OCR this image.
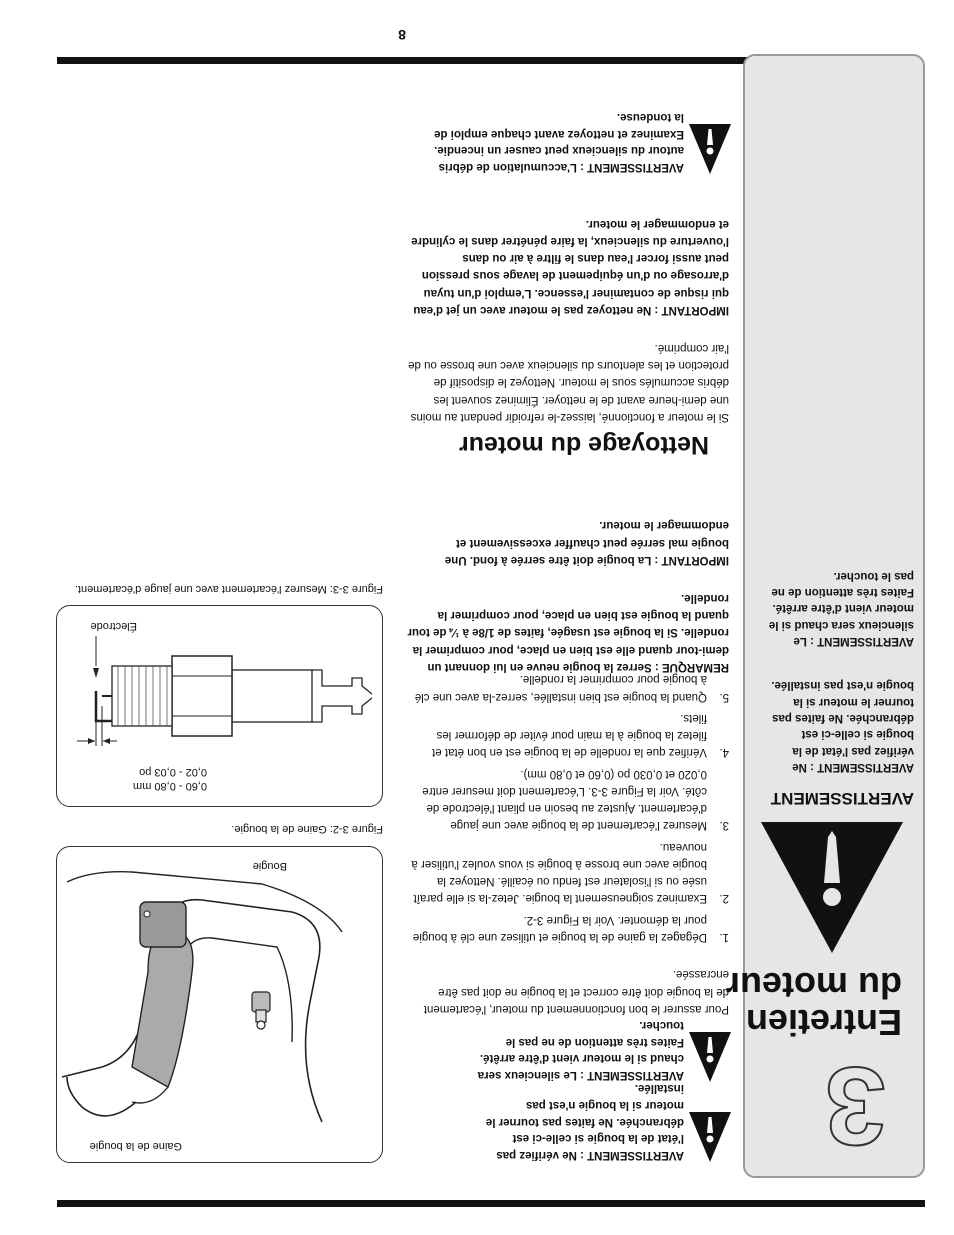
3
Entretien
du moteur
AVERTISSEMENT
AVERTISSEMENT : Ne vérifiez pas l'état de la bougie si celle-ci est débranchée. Ne faites pas tourner le moteur si la bougie n'est pas installée.
AVERTISSEMENT : Le silencieux sera chaud si le moteur vient d'être arrêté. Faites très attention de ne pas le toucher.
AVERTISSEMENT : Ne vérifiez pas l'état de la bougie si celle-ci est débranchée. Ne faites pas tourner le moteur si la bougie n'est pas installée.
AVERTISSEMENT : Le silencieux sera chaud si le moteur vient d'être arrêté. Faites très attention de ne pas le toucher.
Pour assurer le bon fonctionnement du moteur, l'écartement de la bougie doit être correct et la bougie ne doit pas être encrassée.
1.
Dégagez la gaine de la bougie et utilisez une clé à bougie pour la démonter. Voir la Figure 3-2.
2.
Examinez soigneusement la bougie. Jetez-la si elle paraît usée ou si l'isolateur est fendu ou écaillé. Nettoyez la bougie avec une brosse à bougie si vous voulez l'utiliser à nouveau.
3.
Mesurez l'écartement de la bougie avec une jauge d'écartement. Ajustez au besoin en pliant l'électrode de côté. Voir la Figure 3-3. L'écartement doit mesurer entre 0,020 et 0,030 po (0,60 et 0,80 mm).
4.
Vérifiez que la rondelle de la bougie est en bon état et filetez la bougie à la main pour éviter de déformer les filets.
5.
Quand la bougie est bien installée, serrez-la avec une clé à bougie pour comprimer la rondelle.
REMARQUE : Serrez la bougie neuve en lui donnant un demi-tour quand elle est bien en place, pour comprimer la rondelle. Si la bougie est usagée, faites de 1/8e à ¼ de tour quand la bougie est bien en place, pour comprimer la rondelle.
IMPORTANT : La bougie doit être serrée à fond. Une bougie mal serrée peut chauffer excessivement et endommager le moteur.
Nettoyage du moteur
Si le moteur a fonctionné, laissez-le refroidir pendant au moins une demi-heure avant de le nettoyer. Éliminez souvent les débris accumulés sous le moteur. Nettoyez le dispositif de protection et les alentours du silencieux avec une brosse ou de l'air comprimé.
IMPORTANT : Ne nettoyez pas le moteur avec un jet d'eau qui risque de contaminer l'essence. L'emploi d'un tuyau d'arrosage ou d'un équipement de lavage sous pression peut aussi forcer l'eau dans le filtre à air ou dans l'ouverture du silencieux, la faire pénétrer dans le cylindre et endommager le moteur.
AVERTISSEMENT : L'accumulation de débris autour du silencieux peut causer un incendie. Examinez et nettoyez avant chaque emploi de la tondeuse.
Bougie
Gaine de la bougie
Figure 3-2: Gaine de la bougie.
0,02 - 0,03 po
0,60 - 0,80 mm
Électrode
Figure 3-3: Mesurez l'écartement avec une jauge d'écartement.
8
